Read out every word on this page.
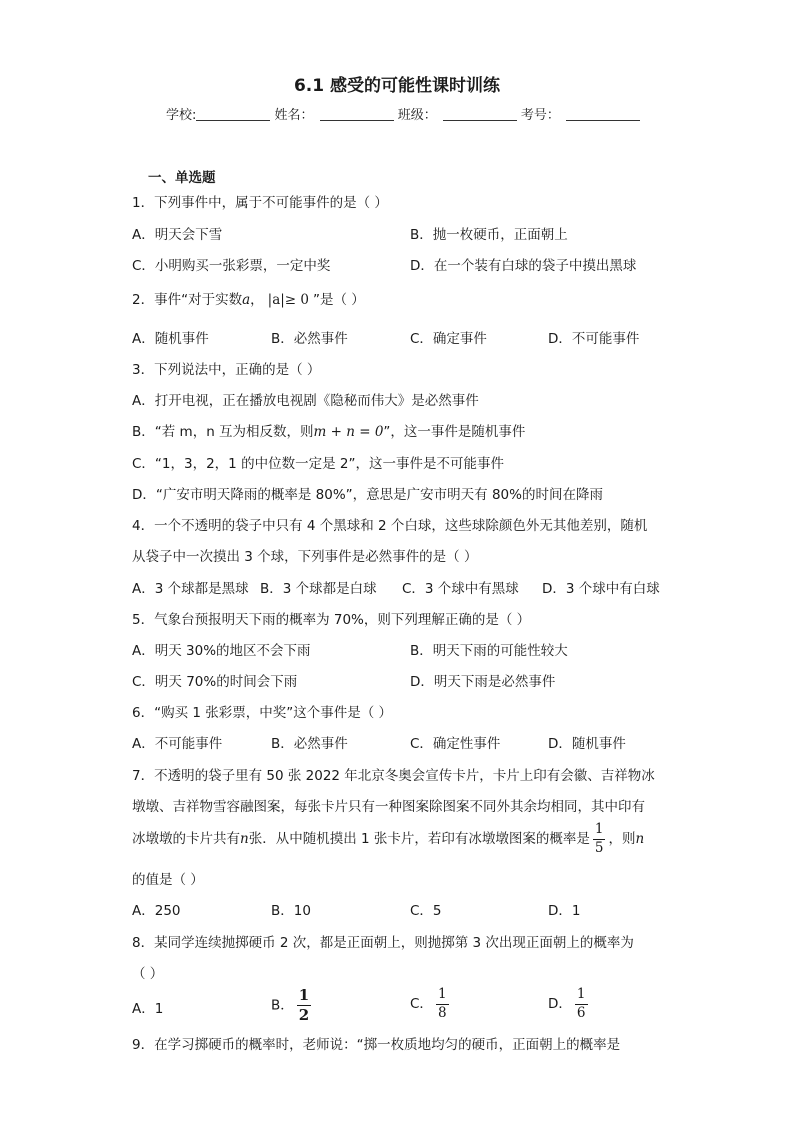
6.1 感受的可能性课时训练
学校:	姓名：	班级：	考号：
一、单选题
1．下列事件中，属于不可能事件的是（ ）
A．明天会下雪	B．抛一枚硬币，正面朝上
C．小明购买一张彩票，一定中奖	D．在一个装有白球的袋子中摸出黑球
2．事件“对于实数a， |a|≥ 0 ”是（ ）
A．随机事件	B．必然事件	C．确定事件	D．不可能事件
3．下列说法中，正确的是（ ）
A．打开电视，正在播放电视剧《隐秘而伟大》是必然事件
B．“若 m，n 互为相反数，则m + n = 0”，这一事件是随机事件
C．“1，3，2，1 的中位数一定是 2”，这一事件是不可能事件
D．“广安市明天降雨的概率是 80%”，意思是广安市明天有 80%的时间在降雨
4．一个不透明的袋子中只有 4 个黑球和 2 个白球，这些球除颜色外无其他差别，随机
从袋子中一次摸出 3 个球，下列事件是必然事件的是（ ）
A．3 个球都是黑球 B．3 个球都是白球 C．3 个球中有黑球 D．3 个球中有白球
5．气象台预报明天下雨的概率为 70%，则下列理解正确的是（ ）
A．明天 30%的地区不会下雨	B．明天下雨的可能性较大
C．明天 70%的时间会下雨	D．明天下雨是必然事件
6．“购买 1 张彩票，中奖”这个事件是（ ）
A．不可能事件	B．必然事件	C．确定性事件	D．随机事件
7．不透明的袋子里有 50 张 2022 年北京冬奥会宣传卡片，卡片上印有会徽、吉祥物冰
墩墩、吉祥物雪容融图案，每张卡片只有一种图案除图案不同外其余均相同，其中印有
冰墩墩的卡片共有n张．从中随机摸出 1 张卡片，若印有冰墩墩图案的概率是 $\frac{1}{5}$ ，则n
的值是（ ）
A．250	B．10	C．5	D．1
8．某同学连续抛掷硬币 2 次，都是正面朝上，则抛掷第 3 次出现正面朝上的概率为
（ ）
A．1	B． $\frac{1}{2}$	C． $\frac{1}{8}$	D． $\frac{1}{6}$
9．在学习掷硬币的概率时，老师说：“掷一枚质地均匀的硬币，正面朝上的概率是
